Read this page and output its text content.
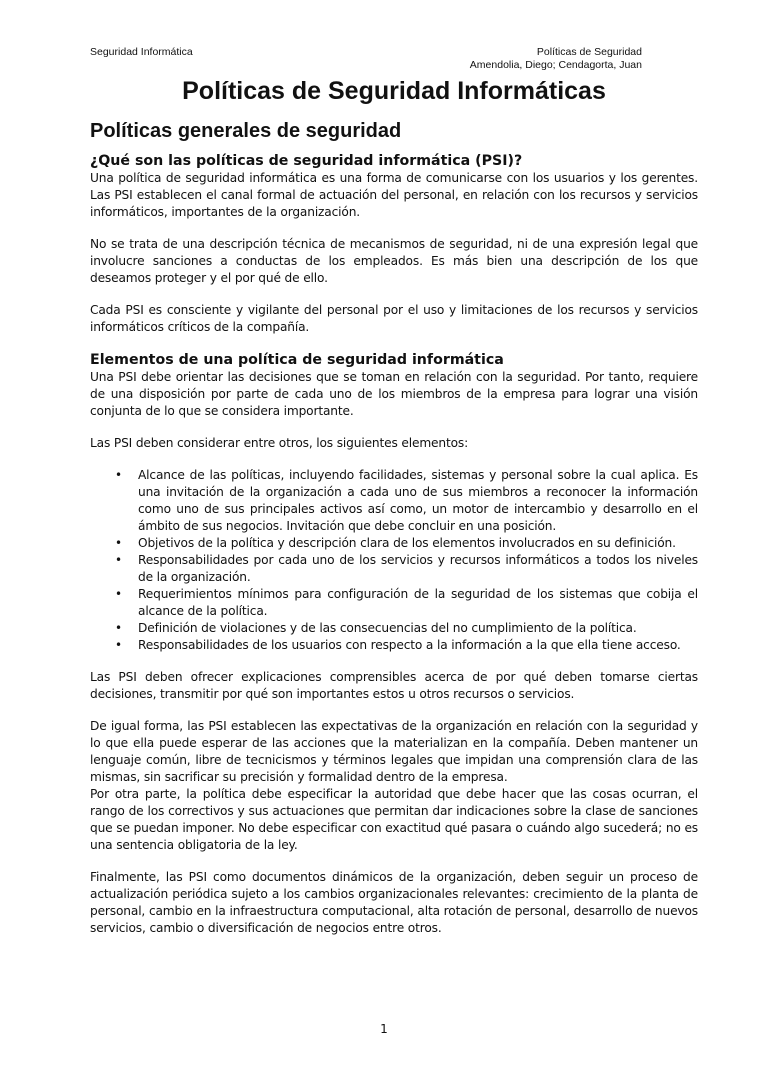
Seguridad Informática	Políticas de Seguridad
Amendolia, Diego; Cendagorta, Juan
Políticas de Seguridad Informáticas
Políticas generales de seguridad
¿Qué son las políticas de seguridad informática (PSI)?

Una política de seguridad informática es una forma de comunicarse con los usuarios y los gerentes. Las PSI establecen el canal formal de actuación del personal, en relación con los recursos y servicios informáticos, importantes de la organización.

No se trata de una descripción técnica de mecanismos de seguridad, ni de una expresión legal que involucre sanciones a conductas de los empleados. Es más bien una descripción de los que deseamos proteger y el por qué de ello.

Cada PSI es consciente y vigilante del personal por el uso y limitaciones de los recursos y servicios informáticos críticos de la compañía.

Elementos de una política de seguridad informática

Una PSI debe orientar las decisiones que se toman en relación con la seguridad. Por tanto, requiere de una disposición por parte de cada uno de los miembros de la empresa para lograr una visión conjunta de lo que se considera importante.

Las PSI deben considerar entre otros, los siguientes elementos:

• Alcance de las políticas, incluyendo facilidades, sistemas y personal sobre la cual aplica. Es una invitación de la organización a cada uno de sus miembros a reconocer la información como uno de sus principales activos así como, un motor de intercambio y desarrollo en el ámbito de sus negocios. Invitación que debe concluir en una posición.
• Objetivos de la política y descripción clara de los elementos involucrados en su definición.
• Responsabilidades por cada uno de los servicios y recursos informáticos a todos los niveles de la organización.
• Requerimientos mínimos para configuración de la seguridad de los sistemas que cobija el alcance de la política.
• Definición de violaciones y de las consecuencias del no cumplimiento de la política.
• Responsabilidades de los usuarios con respecto a la información a la que ella tiene acceso.

Las PSI deben ofrecer explicaciones comprensibles acerca de por qué deben tomarse ciertas decisiones, transmitir por qué son importantes estos u otros recursos o servicios.

De igual forma, las PSI establecen las expectativas de la organización en relación con la seguridad y lo que ella puede esperar de las acciones que la materializan en la compañía. Deben mantener un lenguaje común, libre de tecnicismos y términos legales que impidan una comprensión clara de las mismas, sin sacrificar su precisión y formalidad dentro de la empresa.

Por otra parte, la política debe especificar la autoridad que debe hacer que las cosas ocurran, el rango de los correctivos y sus actuaciones que permitan dar indicaciones sobre la clase de sanciones que se puedan imponer. No debe especificar con exactitud qué pasara o cuándo algo sucederá; no es una sentencia obligatoria de la ley.

Finalmente, las PSI como documentos dinámicos de la organización, deben seguir un proceso de actualización periódica sujeto a los cambios organizacionales relevantes: crecimiento de la planta de personal, cambio en la infraestructura computacional, alta rotación de personal, desarrollo de nuevos servicios, cambio o diversificación de negocios entre otros.

1
